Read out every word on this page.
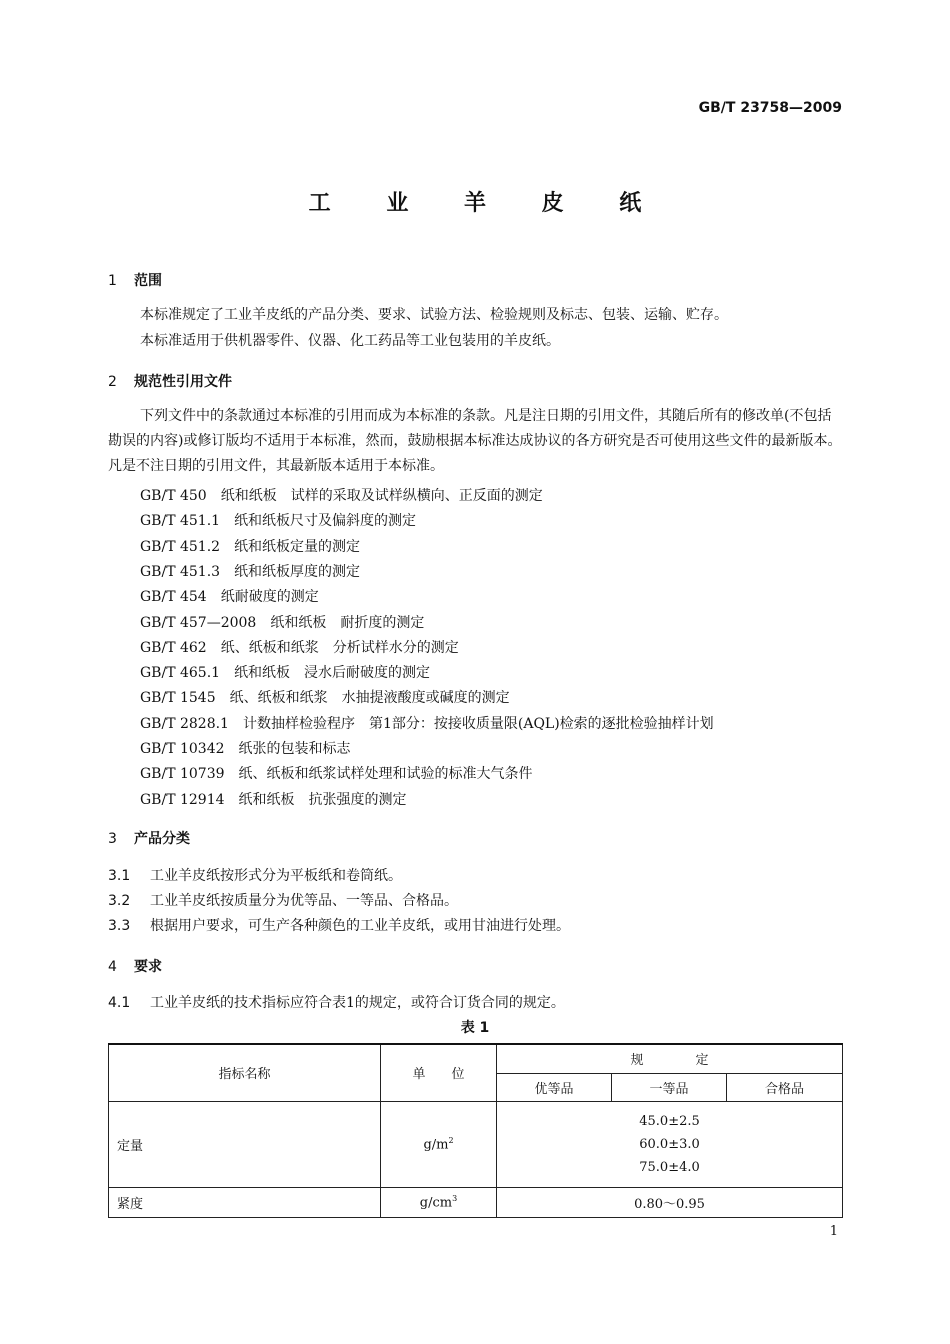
GB/T 23758—2009
工 业 羊 皮 纸
1 范围
本标准规定了工业羊皮纸的产品分类、要求、试验方法、检验规则及标志、包装、运输、贮存。
本标准适用于供机器零件、仪器、化工药品等工业包装用的羊皮纸。
2 规范性引用文件
下列文件中的条款通过本标准的引用而成为本标准的条款。凡是注日期的引用文件，其随后所有的修改单(不包括勘误的内容)或修订版均不适用于本标准，然而，鼓励根据本标准达成协议的各方研究是否可使用这些文件的最新版本。凡是不注日期的引用文件，其最新版本适用于本标准。
GB/T 450 纸和纸板　试样的采取及试样纵横向、正反面的测定
GB/T 451.1 纸和纸板尺寸及偏斜度的测定
GB/T 451.2 纸和纸板定量的测定
GB/T 451.3 纸和纸板厚度的测定
GB/T 454 纸耐破度的测定
GB/T 457—2008 纸和纸板　耐折度的测定
GB/T 462 纸、纸板和纸浆　分析试样水分的测定
GB/T 465.1 纸和纸板　浸水后耐破度的测定
GB/T 1545 纸、纸板和纸浆　水抽提液酸度或碱度的测定
GB/T 2828.1 计数抽样检验程序　第1部分：按接收质量限(AQL)检索的逐批检验抽样计划
GB/T 10342 纸张的包装和标志
GB/T 10739 纸、纸板和纸浆试样处理和试验的标准大气条件
GB/T 12914 纸和纸板　抗张强度的测定
3 产品分类
3.1 工业羊皮纸按形式分为平板纸和卷筒纸。
3.2 工业羊皮纸按质量分为优等品、一等品、合格品。
3.3 根据用户要求，可生产各种颜色的工业羊皮纸，或用甘油进行处理。
4 要求
4.1 工业羊皮纸的技术指标应符合表1的规定，或符合订货合同的规定。
表 1
指标名称	单　　位	规　　　　定		
		优等品	一等品	合格品
定量	$g/m^2$	45.0±2.5
60.0±3.0
75.0±4.0		

紧度	$g/cm^3$	0.80～0.95		
1
